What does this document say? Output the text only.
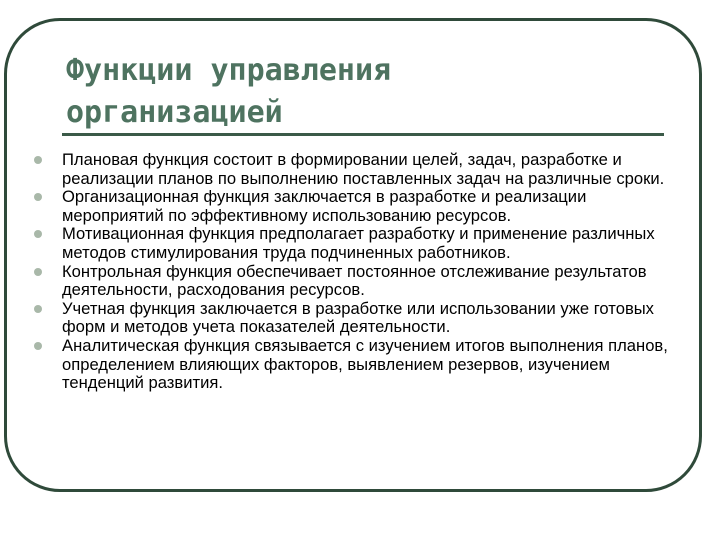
Функции управления
организацией
Плановая функция состоит в формировании целей, задач, разработке и реализации планов по выполнению поставленных задач на различные сроки.
Организационная функция заключается в разработке и реализации мероприятий по эффективному использованию ресурсов.
Мотивационная функция предполагает разработку и применение различных методов стимулирования труда подчиненных работников.
Контрольная функция обеспечивает постоянное отслеживание результатов деятельности, расходования ресурсов.
Учетная функция заключается в разработке или использовании уже готовых форм и методов учета показателей деятельности.
Аналитическая функция связывается с изучением итогов выполнения планов, определением влияющих факторов, выявлением резервов, изучением тенденций развития.
